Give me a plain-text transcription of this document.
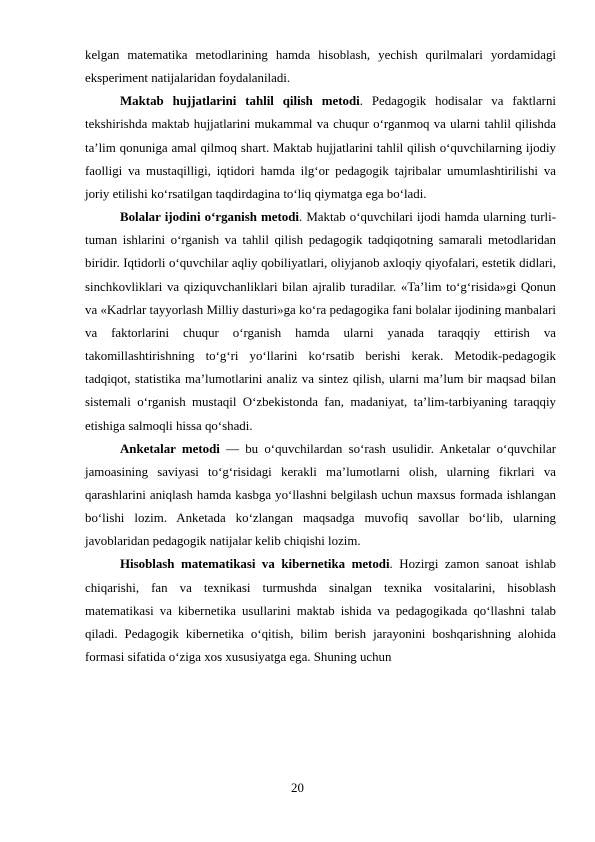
kelgan matematika metodlarining hamda hisoblash, yechish qurilmalari yordamidagi eksperiment natijalaridan foydalaniladi.

Maktab hujjatlarini tahlil qilish metodi. Pedagogik hodisalar va faktlarni tekshirishda maktab hujjatlarini mukammal va chuqur o‘rganmoq va ularni tahlil qilishda ta’lim qonuniga amal qilmoq shart. Maktab hujjatlarini tahlil qilish o‘quvchilarning ijodiy faolligi va mustaqilligi, iqtidori hamda ilg‘or pedagogik tajribalar umumlashtirilishi va joriy etilishi ko‘rsatilgan taqdirdagina to‘liq qiymatga ega bo‘ladi.

Bolalar ijodini o‘rganish metodi. Maktab o‘quvchilari ijodi hamda ularning turli-tuman ishlarini o‘rganish va tahlil qilish pedagogik tadqiqotning samarali metodlaridan biridir. Iqtidorli o‘quvchilar aqliy qobiliyatlari, oliyjanob axloqiy qiyofalari, estetik didlari, sinchkovliklari va qiziquvchanliklari bilan ajralib turadilar. «Ta’lim to‘g‘risida»gi Qonun va «Kadrlar tayyorlash Milliy dasturi»ga ko‘ra pedagogika fani bolalar ijodining manbalari va faktorlarini chuqur o‘rganish hamda ularni yanada taraqqiy ettirish va takomillashtirishning to‘g‘ri yo‘llarini ko‘rsatib berishi kerak. Metodik-pedagogik tadqiqot, statistika ma’lumotlarini analiz va sintez qilish, ularni ma’lum bir maqsad bilan sistemali o‘rganish mustaqil O‘zbekistonda fan, madaniyat, ta’lim-tarbiyaning taraqqiy etishiga salmoqli hissa qo‘shadi.

Anketalar metodi — bu o‘quvchilardan so‘rash usulidir. Anketalar o‘quvchilar jamoasining saviyasi to‘g‘risidagi kerakli ma’lumotlarni olish, ularning fikrlari va qarashlarini aniqlash hamda kasbga yo‘llashni belgilash uchun maxsus formada ishlangan bo‘lishi lozim. Anketada ko‘zlangan maqsadga muvofiq savollar bo‘lib, ularning javoblaridan pedagogik natijalar kelib chiqishi lozim.

Hisoblash matematikasi va kibernetika metodi. Hozirgi zamon sanoat ishlab chiqarishi, fan va texnikasi turmushda sinalgan texnika vositalarini, hisoblash matematikasi va kibernetika usullarini maktab ishida va pedagogikada qo‘llashni talab qiladi. Pedagogik kibernetika o‘qitish, bilim berish jarayonini boshqarishning alohida formasi sifatida o‘ziga xos xususiyatga ega. Shuning uchun

20
